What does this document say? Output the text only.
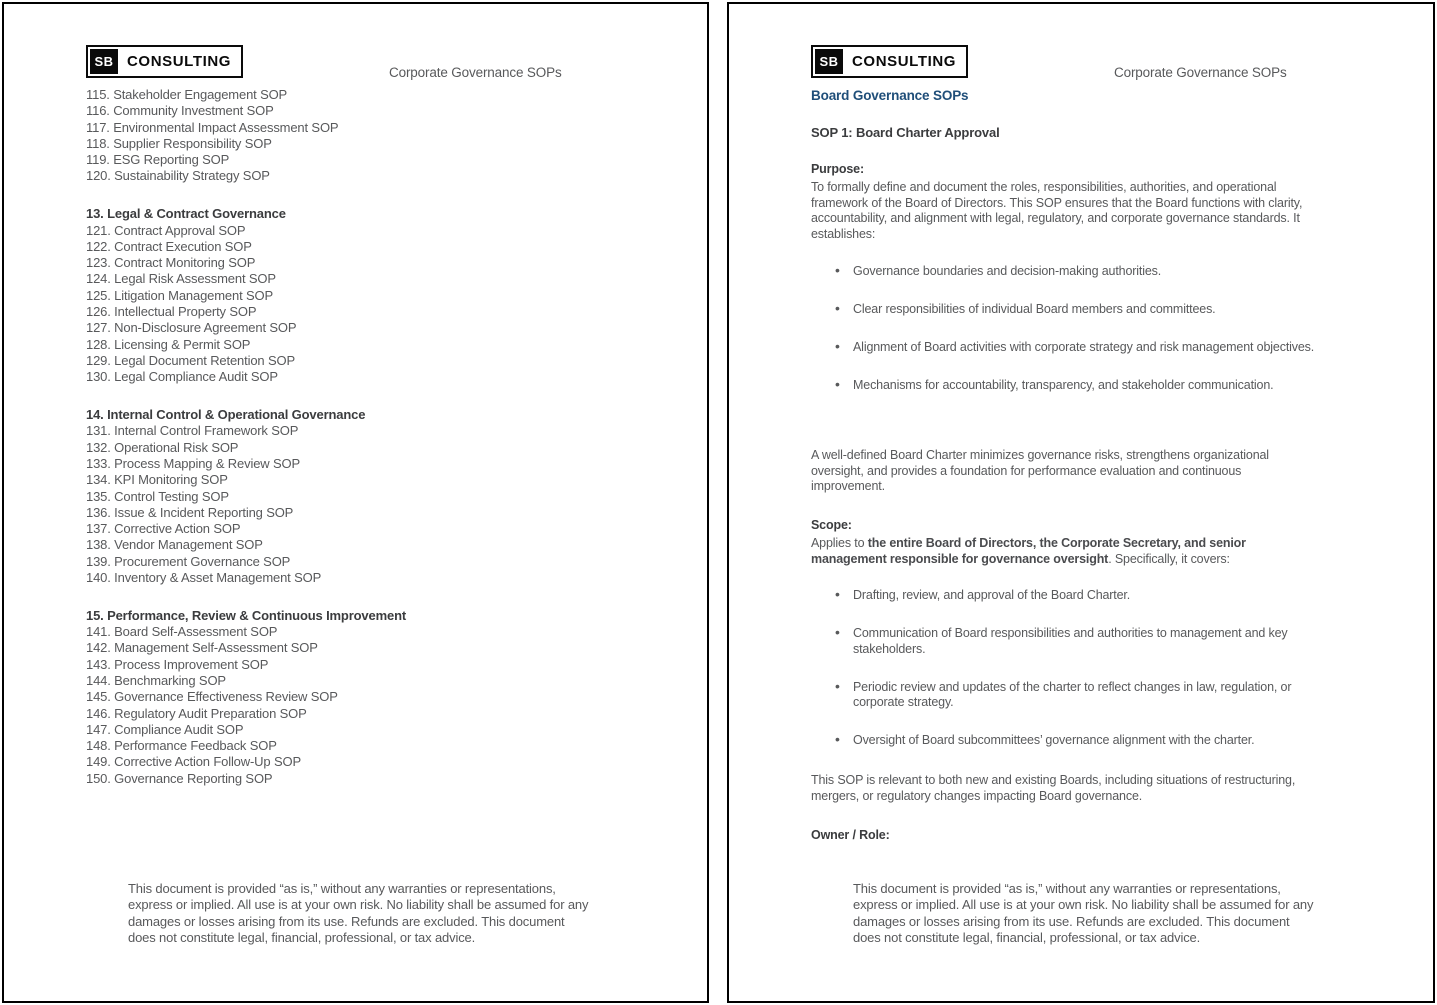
SB CONSULTING
Corporate Governance SOPs
115. Stakeholder Engagement SOP
116. Community Investment SOP
117. Environmental Impact Assessment SOP
118. Supplier Responsibility SOP
119. ESG Reporting SOP
120. Sustainability Strategy SOP
13. Legal & Contract Governance
121. Contract Approval SOP
122. Contract Execution SOP
123. Contract Monitoring SOP
124. Legal Risk Assessment SOP
125. Litigation Management SOP
126. Intellectual Property SOP
127. Non-Disclosure Agreement SOP
128. Licensing & Permit SOP
129. Legal Document Retention SOP
130. Legal Compliance Audit SOP
14. Internal Control & Operational Governance
131. Internal Control Framework SOP
132. Operational Risk SOP
133. Process Mapping & Review SOP
134. KPI Monitoring SOP
135. Control Testing SOP
136. Issue & Incident Reporting SOP
137. Corrective Action SOP
138. Vendor Management SOP
139. Procurement Governance SOP
140. Inventory & Asset Management SOP
15. Performance, Review & Continuous Improvement
141. Board Self-Assessment SOP
142. Management Self-Assessment SOP
143. Process Improvement SOP
144. Benchmarking SOP
145. Governance Effectiveness Review SOP
146. Regulatory Audit Preparation SOP
147. Compliance Audit SOP
148. Performance Feedback SOP
149. Corrective Action Follow-Up SOP
150. Governance Reporting SOP
This document is provided “as is,” without any warranties or representations, express or implied. All use is at your own risk. No liability shall be assumed for any damages or losses arising from its use. Refunds are excluded. This document does not constitute legal, financial, professional, or tax advice.
SB CONSULTING
Corporate Governance SOPs
Board Governance SOPs
SOP 1: Board Charter Approval
Purpose:
To formally define and document the roles, responsibilities, authorities, and operational framework of the Board of Directors. This SOP ensures that the Board functions with clarity, accountability, and alignment with legal, regulatory, and corporate governance standards. It establishes:
• Governance boundaries and decision-making authorities.
• Clear responsibilities of individual Board members and committees.
• Alignment of Board activities with corporate strategy and risk management objectives.
• Mechanisms for accountability, transparency, and stakeholder communication.
A well-defined Board Charter minimizes governance risks, strengthens organizational oversight, and provides a foundation for performance evaluation and continuous improvement.
Scope:
Applies to the entire Board of Directors, the Corporate Secretary, and senior management responsible for governance oversight. Specifically, it covers:
• Drafting, review, and approval of the Board Charter.
• Communication of Board responsibilities and authorities to management and key stakeholders.
• Periodic review and updates of the charter to reflect changes in law, regulation, or corporate strategy.
• Oversight of Board subcommittees’ governance alignment with the charter.
This SOP is relevant to both new and existing Boards, including situations of restructuring, mergers, or regulatory changes impacting Board governance.
Owner / Role:
This document is provided “as is,” without any warranties or representations, express or implied. All use is at your own risk. No liability shall be assumed for any damages or losses arising from its use. Refunds are excluded. This document does not constitute legal, financial, professional, or tax advice.
